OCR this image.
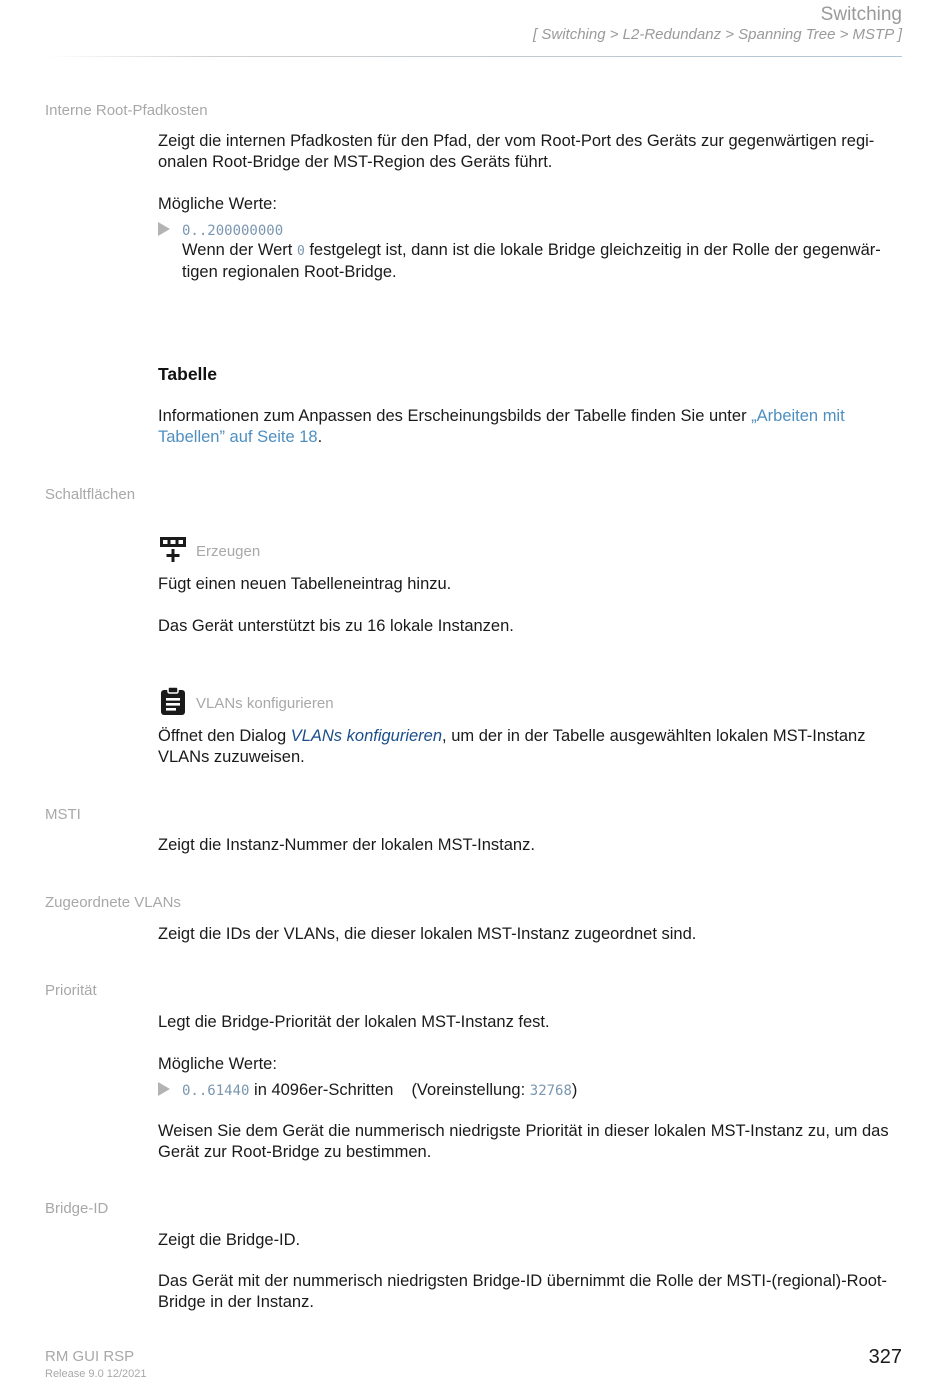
Switching
[ Switching > L2-Redundanz > Spanning Tree > MSTP ]
Interne Root-Pfadkosten
Zeigt die internen Pfadkosten für den Pfad, der vom Root-Port des Geräts zur gegenwärtigen regi-onalen Root-Bridge der MST-Region des Geräts führt.
Mögliche Werte:
0..200000000
Wenn der Wert 0 festgelegt ist, dann ist die lokale Bridge gleichzeitig in der Rolle der gegenwär-tigen regionalen Root-Bridge.
Tabelle
Informationen zum Anpassen des Erscheinungsbilds der Tabelle finden Sie unter „Arbeiten mit Tabellen” auf Seite 18.
Schaltflächen
Erzeugen
Fügt einen neuen Tabelleneintrag hinzu.
Das Gerät unterstützt bis zu 16 lokale Instanzen.
VLANs konfigurieren
Öffnet den Dialog VLANs konfigurieren, um der in der Tabelle ausgewählten lokalen MST-Instanz VLANs zuzuweisen.
MSTI
Zeigt die Instanz-Nummer der lokalen MST-Instanz.
Zugeordnete VLANs
Zeigt die IDs der VLANs, die dieser lokalen MST-Instanz zugeordnet sind.
Priorität
Legt die Bridge-Priorität der lokalen MST-Instanz fest.
Mögliche Werte:
0..61440 in 4096er-Schritten (Voreinstellung: 32768)
Weisen Sie dem Gerät die nummerisch niedrigste Priorität in dieser lokalen MST-Instanz zu, um das Gerät zur Root-Bridge zu bestimmen.
Bridge-ID
Zeigt die Bridge-ID.
Das Gerät mit der nummerisch niedrigsten Bridge-ID übernimmt die Rolle der MSTI-(regional)-Root-Bridge in der Instanz.
RM GUI RSP
Release 9.0 12/2021
327
